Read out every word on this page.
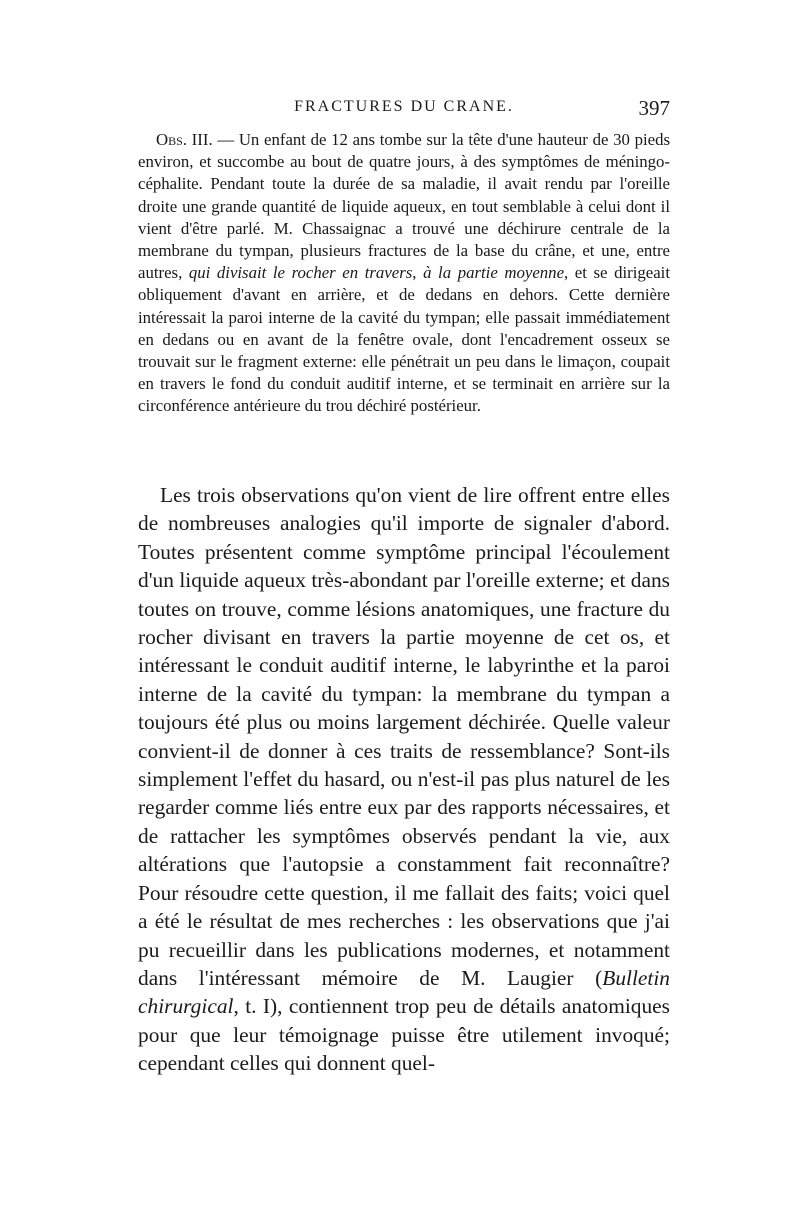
FRACTURES DU CRANE.	397

Obs. III. — Un enfant de 12 ans tombe sur la tête d'une hauteur de 30 pieds environ, et succombe au bout de quatre jours, à des symptômes de méningo-céphalite. Pendant toute la durée de sa maladie, il avait rendu par l'oreille droite une grande quantité de liquide aqueux, en tout semblable à celui dont il vient d'être parlé. M. Chassaignac a trouvé une déchirure centrale de la membrane du tympan, plusieurs fractures de la base du crâne, et une, entre autres, qui divisait le rocher en travers, à la partie moyenne, et se dirigeait obliquement d'avant en arrière, et de dedans en dehors. Cette dernière intéressait la paroi interne de la cavité du tympan; elle passait immédiatement en dedans ou en avant de la fenêtre ovale, dont l'encadrement osseux se trouvait sur le fragment externe: elle pénétrait un peu dans le limaçon, coupait en travers le fond du conduit auditif interne, et se terminait en arrière sur la circonférence antérieure du trou déchiré postérieur.

Les trois observations qu'on vient de lire offrent entre elles de nombreuses analogies qu'il importe de signaler d'abord. Toutes présentent comme symptôme principal l'écoulement d'un liquide aqueux très-abondant par l'oreille externe; et dans toutes on trouve, comme lésions anatomiques, une fracture du rocher divisant en travers la partie moyenne de cet os, et intéressant le conduit auditif interne, le labyrinthe et la paroi interne de la cavité du tympan: la membrane du tympan a toujours été plus ou moins largement déchirée. Quelle valeur convient-il de donner à ces traits de ressemblance? Sont-ils simplement l'effet du hasard, ou n'est-il pas plus naturel de les regarder comme liés entre eux par des rapports nécessaires, et de rattacher les symptômes observés pendant la vie, aux altérations que l'autopsie a constamment fait reconnaître? Pour résoudre cette question, il me fallait des faits; voici quel a été le résultat de mes recherches : les observations que j'ai pu recueillir dans les publications modernes, et notamment dans l'intéressant mémoire de M. Laugier (Bulletin chirurgical, t. I), contiennent trop peu de détails anatomiques pour que leur témoignage puisse être utilement invoqué; cependant celles qui donnent quel-
